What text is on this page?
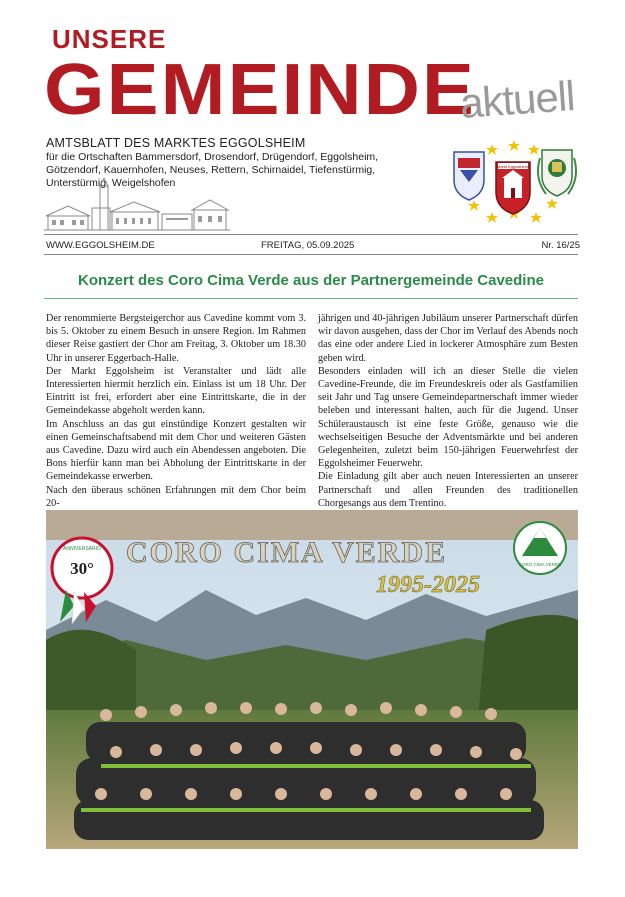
UNSERE
GEMEINDE
aktuell
AMTSBLATT DES MARKTES EGGOLSHEIM
für die Ortschaften Bammersdorf, Drosendorf, Drügendorf, Eggolsheim, Götzendorf, Kauernhofen, Neuses, Rettern, Schirnaidel, Tiefenstürmig, Unterstürmig, Weigelshofen
Markt Eggolsheim
WWW.EGGOLSHEIM.DE	FREITAG, 05.09.2025	Nr. 16/25
Konzert des Coro Cima Verde aus der Partnergemeinde Cavedine

Der renommierte Bergsteigerchor aus Cavedine kommt vom 3. bis 5. Oktober zu einem Besuch in unsere Region. Im Rahmen dieser Reise gastiert der Chor am Freitag, 3. Oktober um 18.30 Uhr in unserer Eggerbach-Halle.

Der Markt Eggolsheim ist Veranstalter und lädt alle Interessierten hiermit herzlich ein. Einlass ist um 18 Uhr. Der Eintritt ist frei, erfordert aber eine Eintrittskarte, die in der Gemeindekasse abgeholt werden kann.

Im Anschluss an das gut einstündige Konzert gestalten wir einen Gemeinschaftsabend mit dem Chor und weiteren Gästen aus Cavedine. Dazu wird auch ein Abendessen angeboten. Die Bons hierfür kann man bei Abholung der Eintrittskarte in der Gemeindekasse erwerben.

Nach den überaus schönen Erfahrungen mit dem Chor beim 20-

jährigen und 40-jährigen Jubiläum unserer Partnerschaft dürfen wir davon ausgehen, dass der Chor im Verlauf des Abends noch das eine oder andere Lied in lockerer Atmosphäre zum Besten geben wird.

Besonders einladen will ich an dieser Stelle die vielen Cavedine-Freunde, die im Freundeskreis oder als Gastfamilien seit Jahr und Tag unsere Gemeindepartnerschaft immer wieder beleben und interessant halten, auch für die Jugend. Unser Schüleraustausch ist eine feste Größe, genauso wie die wechselseitigen Besuche der Adventsmärkte und bei anderen Gelegenheiten, zuletzt beim 150-jährigen Feuerwehrfest der Eggolsheimer Feuerwehr.

Die Einladung gilt aber auch neuen Interessierten an unserer Partnerschaft und allen Freunden des traditionellen Chorgesangs aus dem Trentino.

30°
ANNIVERSARIO CORO CIMA VERDE
1995-2025
CORO CIMA VERDE
